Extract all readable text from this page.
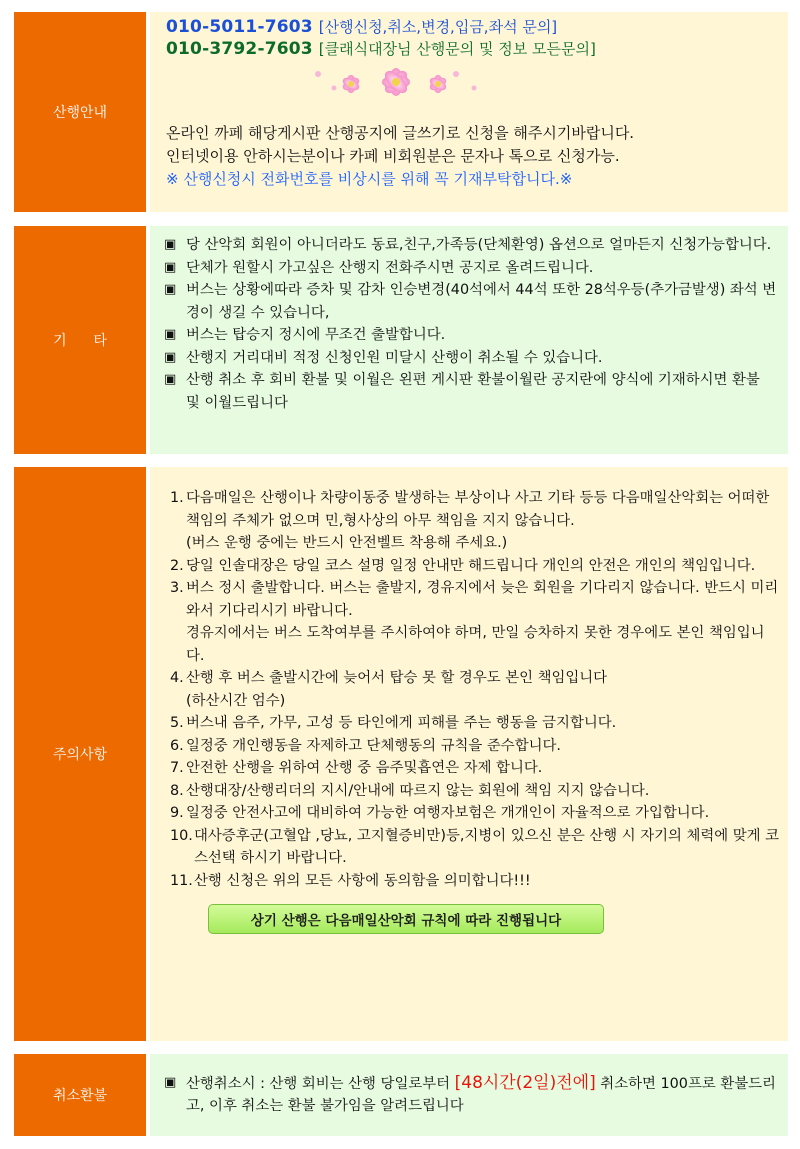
산행안내
010-5011-7603 [산행신청,취소,변경,입금,좌석 문의]
010-3792-7603 [클래식대장님 산행문의 및 정보 모든문의]
온라인 까페 해당게시판 산행공지에 글쓰기로 신청을 해주시기바랍니다.
인터넷이용 안하시는분이나 카페 비회원분은 문자나 톡으로 신청가능.
※ 산행신청시 전화번호를 비상시를 위해 꼭 기재부탁합니다.※
기      타
▣ 당 산악회 회원이 아니더라도 동료,친구,가족등(단체환영) 옵션으로 얼마든지 신청가능합니다.
▣ 단체가 원할시 가고싶은 산행지 전화주시면 공지로 올려드립니다.
▣ 버스는 상황에따라 증차 및 감차 인승변경(40석에서 44석 또한 28석우등(추가금발생) 좌석 변경이 생길 수 있습니다,
▣ 버스는 탑승지 정시에 무조건 출발합니다.
▣ 산행지 거리대비 적정 신청인원 미달시 산행이 취소될 수 있습니다.
▣ 산행 취소 후 회비 환불 및 이월은 왼편 게시판 환불이월란 공지란에 양식에 기재하시면 환불 및 이월드립니다
주의사항
1. 다음매일은 산행이나 차량이동중 발생하는 부상이나 사고 기타 등등 다음매일산악회는 어떠한 책임의 주체가 없으며 민,형사상의 아무 책임을 지지 않습니다.
(버스 운행 중에는 반드시 안전벨트 착용해 주세요.)
2. 당일 인솔대장은 당일 코스 설명 일정 안내만 해드립니다 개인의 안전은 개인의 책임입니다.
3. 버스 정시 출발합니다. 버스는 출발지, 경유지에서 늦은 회원을 기다리지 않습니다. 반드시 미리 와서 기다리시기 바랍니다.
경유지에서는 버스 도착여부를 주시하여야 하며, 만일 승차하지 못한 경우에도 본인 책임입니다.
4. 산행 후 버스 출발시간에 늦어서 탑승 못 할 경우도 본인 책임입니다
(하산시간 엄수)
5. 버스내 음주, 가무, 고성 등 타인에게 피해를 주는 행동을 금지합니다.
6. 일정중 개인행동을 자제하고 단체행동의 규칙을 준수합니다.
7. 안전한 산행을 위하여 산행 중 음주및흡연은 자제 합니다.
8. 산행대장/산행리더의 지시/안내에 따르지 않는 회원에 책임 지지 않습니다.
9. 일정중 안전사고에 대비하여 가능한 여행자보험은 개개인이 자율적으로 가입합니다.
10. 대사증후군(고혈압 ,당뇨, 고지혈증비만)등,지병이 있으신 분은 산행 시 자기의 체력에 맞게 코스선택 하시기 바랍니다.
11. 산행 신청은 위의 모든 사항에 동의함을 의미합니다!!!
상기 산행은 다음매일산악회 규칙에 따라 진행됩니다
취소환불
▣ 산행취소시 : 산행 회비는 산행 당일로부터 [48시간(2일)전에] 취소하면 100프로 환불드리고, 이후 취소는 환불 불가임을 알려드립니다
